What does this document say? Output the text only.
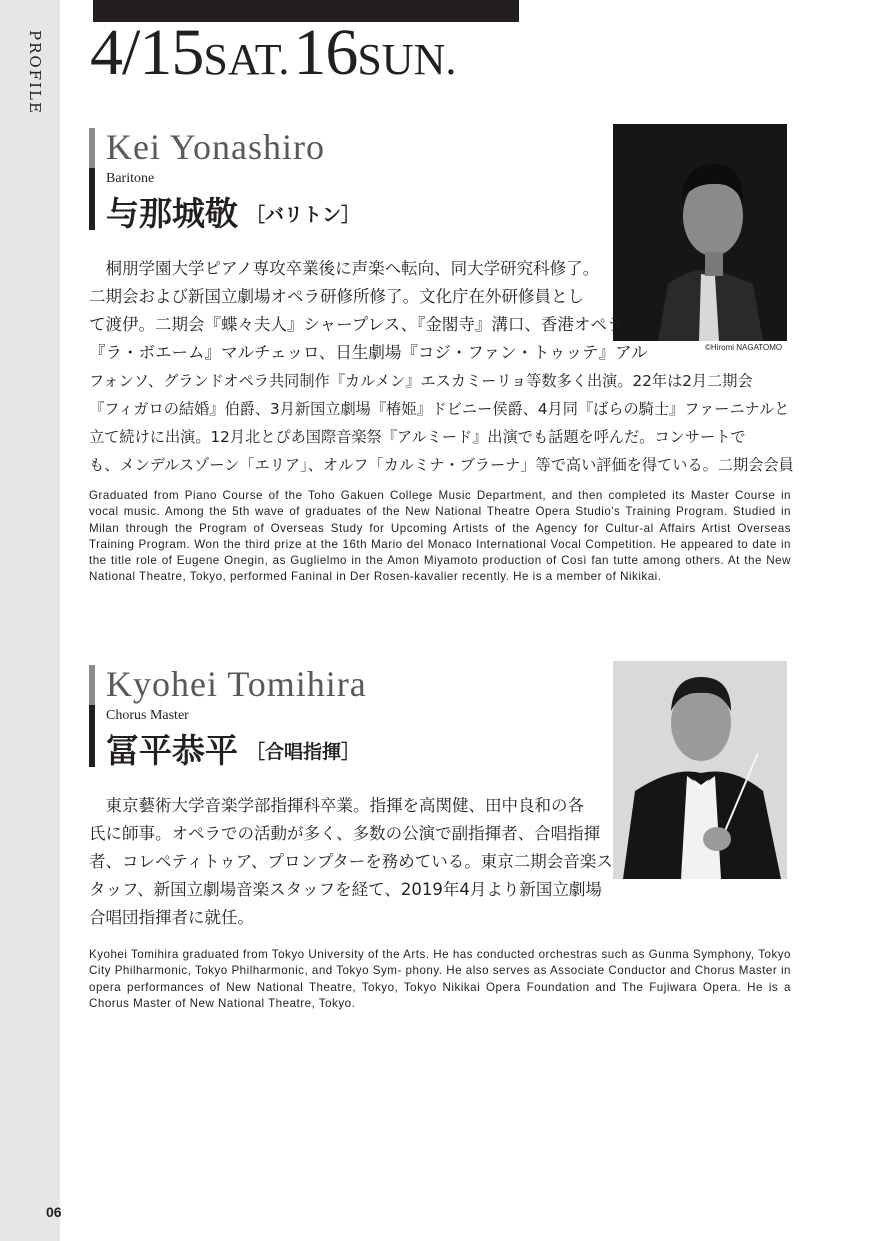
PROFILE
06
4/15SAT. 16SUN.
Kei Yonashiro
Baritone
与那城敬 ［バリトン］
©Hiromi NAGATOMO
　桐朋学園大学ピアノ専攻卒業後に声楽へ転向、同大学研究科修了。
二期会および新国立劇場オペラ研修所修了。文化庁在外研修員とし
て渡伊。二期会『蝶々夫人』シャープレス、『金閣寺』溝口、香港オペラ
『ラ・ボエーム』マルチェッロ、日生劇場『コジ・ファン・トゥッテ』アル
フォンソ、グランドオペラ共同制作『カルメン』エスカミーリョ等数多く出演。22年は2月二期会
『フィガロの結婚』伯爵、3月新国立劇場『椿姫』ドビニー侯爵、4月同『ばらの騎士』ファーニナルと
立て続けに出演。12月北とぴあ国際音楽祭『アルミード』出演でも話題を呼んだ。コンサートで
も、メンデルスゾーン「エリア」、オルフ「カルミナ・ブラーナ」等で高い評価を得ている。二期会会員
Graduated from Piano Course of the Toho Gakuen College Music Department, and then completed its Master Course in vocal music. Among the 5th wave of graduates of the New National Theatre Opera Studio's Training Program. Studied in Milan through the Program of Overseas Study for Upcoming Artists of the Agency for Cultur-al Affairs Artist Overseas Training Program. Won the third prize at the 16th Mario del Monaco International Vocal Competition. He appeared to date in the title role of Eugene Onegin, as Guglielmo in the Amon Miyamoto production of Così fan tutte among others. At the New National Theatre, Tokyo, performed Faninal in Der Rosen-kavalier recently. He is a member of Nikikai.
Kyohei Tomihira
Chorus Master
冨平恭平 ［合唱指揮］
　東京藝術大学音楽学部指揮科卒業。指揮を高関健、田中良和の各
氏に師事。オペラでの活動が多く、多数の公演で副指揮者、合唱指揮
者、コレペティトゥア、プロンプターを務めている。東京二期会音楽ス
タッフ、新国立劇場音楽スタッフを経て、2019年4月より新国立劇場
合唱団指揮者に就任。
Kyohei Tomihira graduated from Tokyo University of the Arts. He has conducted orchestras such as Gunma Symphony, Tokyo City Philharmonic, Tokyo Philharmonic, and Tokyo Sym- phony. He also serves as Associate Conductor and Chorus Master in opera performances of New National Theatre, Tokyo, Tokyo Nikikai Opera Foundation and The Fujiwara Opera. He is a Chorus Master of New National Theatre, Tokyo.
